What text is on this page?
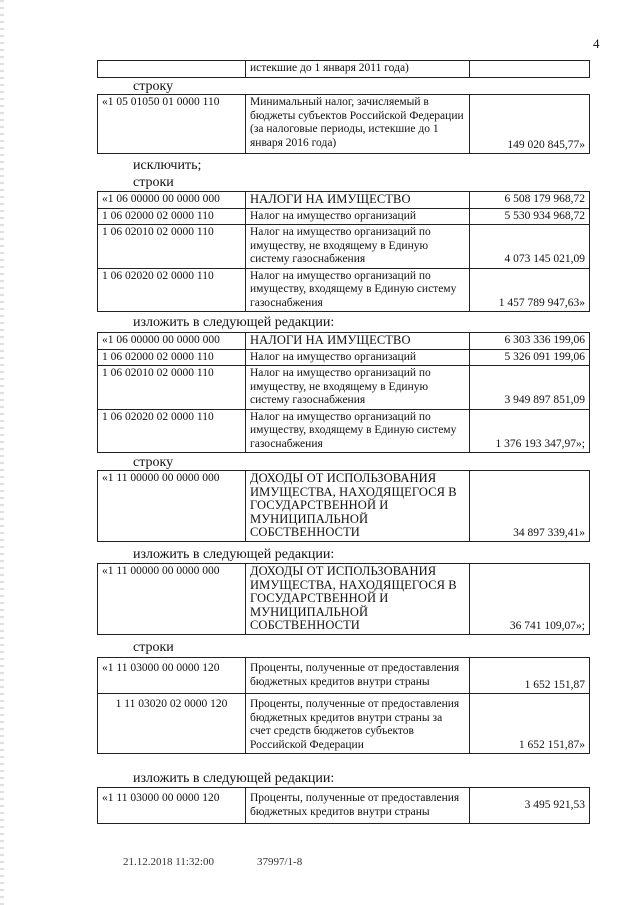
4
	истекшие до 1 января 2011 года)	
строку
«1 05 01050 01 0000 110	Минимальный налог, зачисляемый в бюджеты субъектов Российской Федерации (за налоговые периоды, истекшие до 1 января 2016 года)	149 020 845,77»
исключить;
строки
«1 06 00000 00 0000 000	НАЛОГИ НА ИМУЩЕСТВО	6 508 179 968,72
1 06 02000 02 0000 110	Налог на имущество организаций	5 530 934 968,72
1 06 02010 02 0000 110	Налог на имущество организаций по имуществу, не входящему в Единую систему газоснабжения	4 073 145 021,09
1 06 02020 02 0000 110	Налог на имущество организаций по имуществу, входящему в Единую систему газоснабжения	1 457 789 947,63»
изложить в следующей редакции:
«1 06 00000 00 0000 000	НАЛОГИ НА ИМУЩЕСТВО	6 303 336 199,06
1 06 02000 02 0000 110	Налог на имущество организаций	5 326 091 199,06
1 06 02010 02 0000 110	Налог на имущество организаций по имуществу, не входящему в Единую систему газоснабжения	3 949 897 851,09
1 06 02020 02 0000 110	Налог на имущество организаций по имуществу, входящему в Единую систему газоснабжения	1 376 193 347,97»;
строку
«1 11 00000 00 0000 000	ДОХОДЫ ОТ ИСПОЛЬЗОВАНИЯ ИМУЩЕСТВА, НАХОДЯЩЕГОСЯ В ГОСУДАРСТВЕННОЙ И МУНИЦИПАЛЬНОЙ СОБСТВЕННОСТИ	34 897 339,41»
изложить в следующей редакции:
«1 11 00000 00 0000 000	ДОХОДЫ ОТ ИСПОЛЬЗОВАНИЯ ИМУЩЕСТВА, НАХОДЯЩЕГОСЯ В ГОСУДАРСТВЕННОЙ И МУНИЦИПАЛЬНОЙ СОБСТВЕННОСТИ	36 741 109,07»;
строки
«1 11 03000 00 0000 120	Проценты, полученные от предоставления бюджетных кредитов внутри страны	1 652 151,87
1 11 03020 02 0000 120	Проценты, полученные от предоставления бюджетных кредитов внутри страны за счет средств бюджетов субъектов Российской Федерации	1 652 151,87»
изложить в следующей редакции:
«1 11 03000 00 0000 120	Проценты, полученные от предоставления бюджетных кредитов внутри страны	3 495 921,53
21.12.2018 11:32:00	37997/1-8
